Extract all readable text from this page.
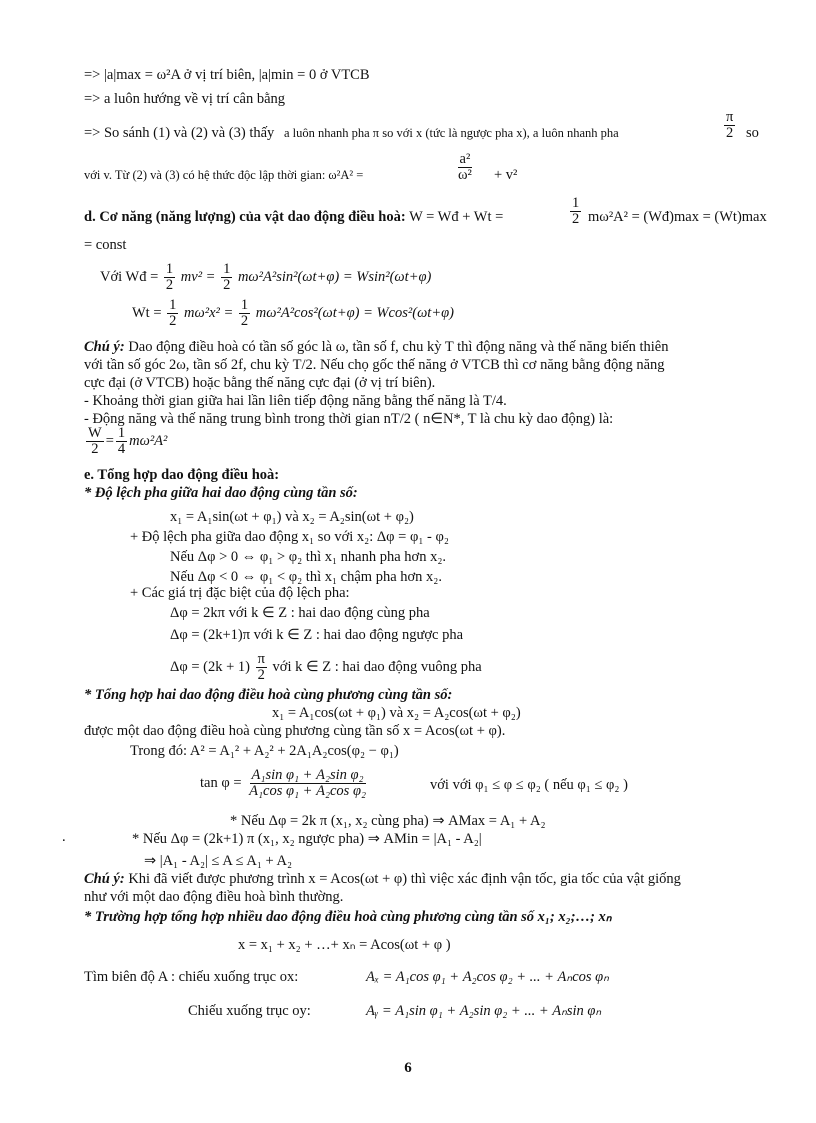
=> |a|max = ω²A ở vị trí biên, |a|min = 0 ở VTCB
=> a luôn hướng về vị trí cân bằng
=> So sánh (1) và (2) và (3) thấy a luôn nhanh pha π so với x (tức là ngược pha x), a luôn nhanh pha	$\frac{\pi}{2}$ so
với v. Từ (2) và (3) có hệ thức độc lập thời gian: ω²A² =	$\frac{\text{a²}}{\text{ω²}} + v^2$
d. Cơ năng (năng lượng) của vật dao động điều hoà: W = Wđ + Wt =	$\frac{1}{2} m\omega^2A^2$ = (Wđ)max = (Wt)max
= const
Với Wđ = $\frac{1}{2} mv^2 = \frac{1}{2} m\omega^2A^2\sin^2(\omega t+\varphi) = Wsin^2(\omega t+\varphi)$
$Wt = \frac{1}{2} m\omega^2x^2 = \frac{1}{2} m\omega^2A^2\cos^2(\omega t+\varphi) = Wcos^2(\omega t+\varphi)$
Chú ý: Dao động điều hoà có tần số góc là ω, tần số f, chu kỳ T thì động năng và thế năng biến thiên
với tần số góc 2ω, tần số 2f, chu kỳ T/2. Nếu chọ gốc thế năng ở VTCB thì cơ năng bằng động năng
cực đại (ở VTCB) hoặc bằng thế năng cực đại (ở vị trí biên).
- Khoảng thời gian giữa hai lần liên tiếp động năng bằng thế năng là T/4.
- Động năng và thế năng trung bình trong thời gian nT/2 ( n∈N*, T là chu kỳ dao động) là:
$\frac{W}{2} = \frac{1}{4} m\omega^2A^2$
e. Tổng hợp dao động điều hoà:
* Độ lệch pha giữa hai dao động cùng tần số:
x₁ = A₁sin(ωt + φ₁) và x₂ = A₂sin(ωt + φ₂)
+ Độ lệch pha giữa dao động x₁ so với x₂: Δφ = φ₁ - φ₂
Nếu Δφ > 0 ⇔ φ₁ > φ₂ thì x₁ nhanh pha hơn x₂.
Nếu Δφ < 0 ⇔ φ₁ < φ₂ thì x₁ chậm pha hơn x₂.
+ Các giá trị đặc biệt của độ lệch pha:
Δφ = 2kπ với k ∈ Z : hai dao động cùng pha
Δφ = (2k+1)π với k ∈ Z : hai dao động ngược pha
$\Delta\varphi = (2k + 1) \frac{\pi}{2}$ với k ∈ Z : hai dao động vuông pha
* Tổng hợp hai dao động điều hoà cùng phương cùng tần số:
x₁ = A₁cos(ωt + φ₁) và x₂ = A₂cos(ωt + φ₂)
được một dao động điều hoà cùng phương cùng tần số x = Acos(ωt + φ).
Trong đó: A² = A₁² + A₂² + 2A₁A₂cos(φ₂ − φ₁)
$\tan \varphi = \frac{\text{A₁sin φ₁ + A₂sin φ₂}}{\text{A₁cos φ₁ + A₂cos φ₂}}$	với với φ₁ ≤ φ ≤ φ₂ ( nếu φ₁ ≤ φ₂ )
* Nếu Δφ = 2k π (x₁, x₂ cùng pha) ⇒ AMax = A₁ + A₂
.	* Nếu Δφ = (2k+1) π (x₁, x₂ ngược pha) ⇒ AMin = |A₁ - A₂|
⇒ |A₁ - A₂| ≤ A ≤ A₁ + A₂
Chú ý: Khi đã viết được phương trình x = Acos(ωt + φ) thì việc xác định vận tốc, gia tốc của vật giống
như với một dao động điều hoà bình thường.
* Trường hợp tổng hợp nhiều dao động điều hoà cùng phương cùng tần số x₁; x₂;…; xₙ
x = x₁ + x₂ + …+ xₙ = Acos(ωt + φ )
Tìm biên độ A : chiếu xuống trục ox:	Aₓ = A₁cos φ₁ + A₂cos φ₂ + ... + Aₙcos φₙ
Chiếu xuống trục oy:	Aᵧ = A₁sin φ₁ + A₂sin φ₂ + ... + Aₙsin φₙ
6
